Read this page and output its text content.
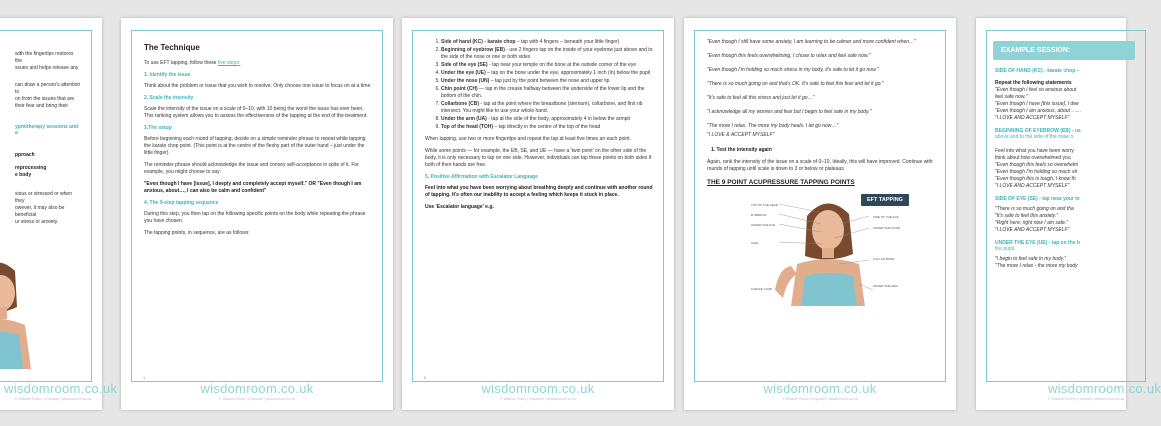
with the fingertips restores the

ssues and helps release any

can draw a person's attention to

on from the issues that are

their fear and bring their

ypnotherapy sessions and a

pproach

reprocessing

e body

xious or stressed or when they

owever, it may also be beneficial

ur stress or anxiety.

wisdomroom.co.uk
© Wisdom Room | Empower | wisdomroom.co.uk
The Technique

To use EFT tapping, follow these five steps:

1. Identify the issue

Think about the problem or issue that you wish to resolve. Only choose one issue to focus on at a time.

2. Scale the intensity

Scale the intensity of the issue on a scale of 0–10, with 10 being the worst the issue has ever been. This ranking system allows you to assess the effectiveness of the tapping at the end of the treatment.

3.The setup

Before beginning each round of tapping, decide on a simple reminder phrase to repeat while tapping the karate chop point. (This point is at the centre of the fleshy part of the outer hand – just under the little finger).

The reminder phrase should acknowledge the issue and convey self-acceptance in spite of it. For example, you might choose to say:

"Even though I have [issue], I deeply and completely accept myself." OR "Even though I am anxious, about…, I can also be calm and confident"

4. The 9-step tapping sequence

During this step, you then tap on the following specific points on the body while repeating the phrase you have chosen.

The tapping points, in sequence, are as follows:

4
wisdomroom.co.uk
© Wisdom Room | Empower | wisdomroom.co.uk
1. Side of hand (KC) - karate chop – tap with 4 fingers – beneath your little finger)
2. Beginning of eyebrow (EB) - use 2 fingers tap on the inside of your eyebrow just above and to the side of the nose or one or both sides
3. Side of the eye (SE) - tap near your temple on the bone at the outside corner of the eye
4. Under the eye (UE) – tap on the bone under the eye, approximately 1 inch (in) below the pupil
5. Under the nose (UN) – tap just by the point between the nose and upper lip
6. Chin point (CH) — tap in the crease halfway between the underside of the lower lip and the bottom of the chin.
7. Collarbone (CB) - tap at the point where the breastbone (sternum), collarbone, and first rib intersect. You might like to use your whole hand.
8. Under the arm (UA) - tap at the side of the body, approximately 4 in below the armpit
9. Top of the head (TOH) – tap directly in the centre of the top of the head

When tapping, use two or more fingertips and repeat the tap at least five times an each point.

While some points — for example, the EB, SE, and UE — have a 'twin point' on the other side of the body, it is only necessary to tap on one side. However, individuals can tap these points on both sides if both of their hands are free.

5. Positive Affirmation with Escalator Language

Feel into what you have been worrying about breathing deeply and continue with another round of tapping. It's often our inability to accept a feeling which keeps it stuck in place.

Use 'Escalator language' e.g.

5
wisdomroom.co.uk
© Wisdom Room | Empower | wisdomroom.co.uk

"Even though I still have some anxiety, I am learning to be calmer and more confident when…"

"Even though this feels overwhelming, I chose to relax and feel safe now."

"Even though I'm holding so much stress in my body, it's safe to let it go now."

"There is so much going on and that's OK. It's safe to feel this fear and let it go."

"It's safe to feel all this stress and just let it go…"

"I acknowledge all my worries and fear but I begin to feel safe in my body."

"The more I relax. The more my body heals. I let go now…"

"I LOVE & ACCEPT MYSELF"

1. Test the intensity again

Again, rank the intensity of the issue on a scale of 0–10. Ideally, this will have improved. Continue with rounds of tapping until scale is down to 3 or below or plateaus.

THE 9 POINT ACUPRESSURE TAPPING POINTS
EFT TAPPING
TOP OF THE HEAD
EYEBROW
UNDER THE EYE
CHIN
KARATE CHOP
SIDE OF THE EYE
UNDER THE NOSE
COLLAR BONE
UNDER THE ARM
wisdomroom.co.uk
© Wisdom Room | Empower | wisdomroom.co.uk
EXAMPLE SESSION:
SIDE OF HAND (KC) - karate chop –

Repeat the following statements

"Even though I feel so anxious about

feel safe now."

"Even though I have [this issue], I dee

"Even though I am anxious, about ……

"I LOVE AND ACCEPT MYSELF"

BEGINNING OF EYEBROW (EB) - us
above and to the side of the nose o

Feel into what you have been worry

think about how overwhelmed you

"Even though this feels so overwhelm

"Even though I'm holding so much str

"Even though this is tough, I know th

"I LOVE AND ACCEPT MYSELF"

SIDE OF EYE (SE) - tap near your te

"There is so much going on and tha

"It's safe to feel this anxiety."

"Right here, right now I am safe."

"I LOVE AND ACCEPT MYSELF"

UNDER THE EYE (UE) - tap on the b
the pupil.

"I begin to feel safe in my body."

"The more I relax - the more my body

wisdomroom.co.uk
© Wisdom Room | Empower | wisdomroom.co.uk
